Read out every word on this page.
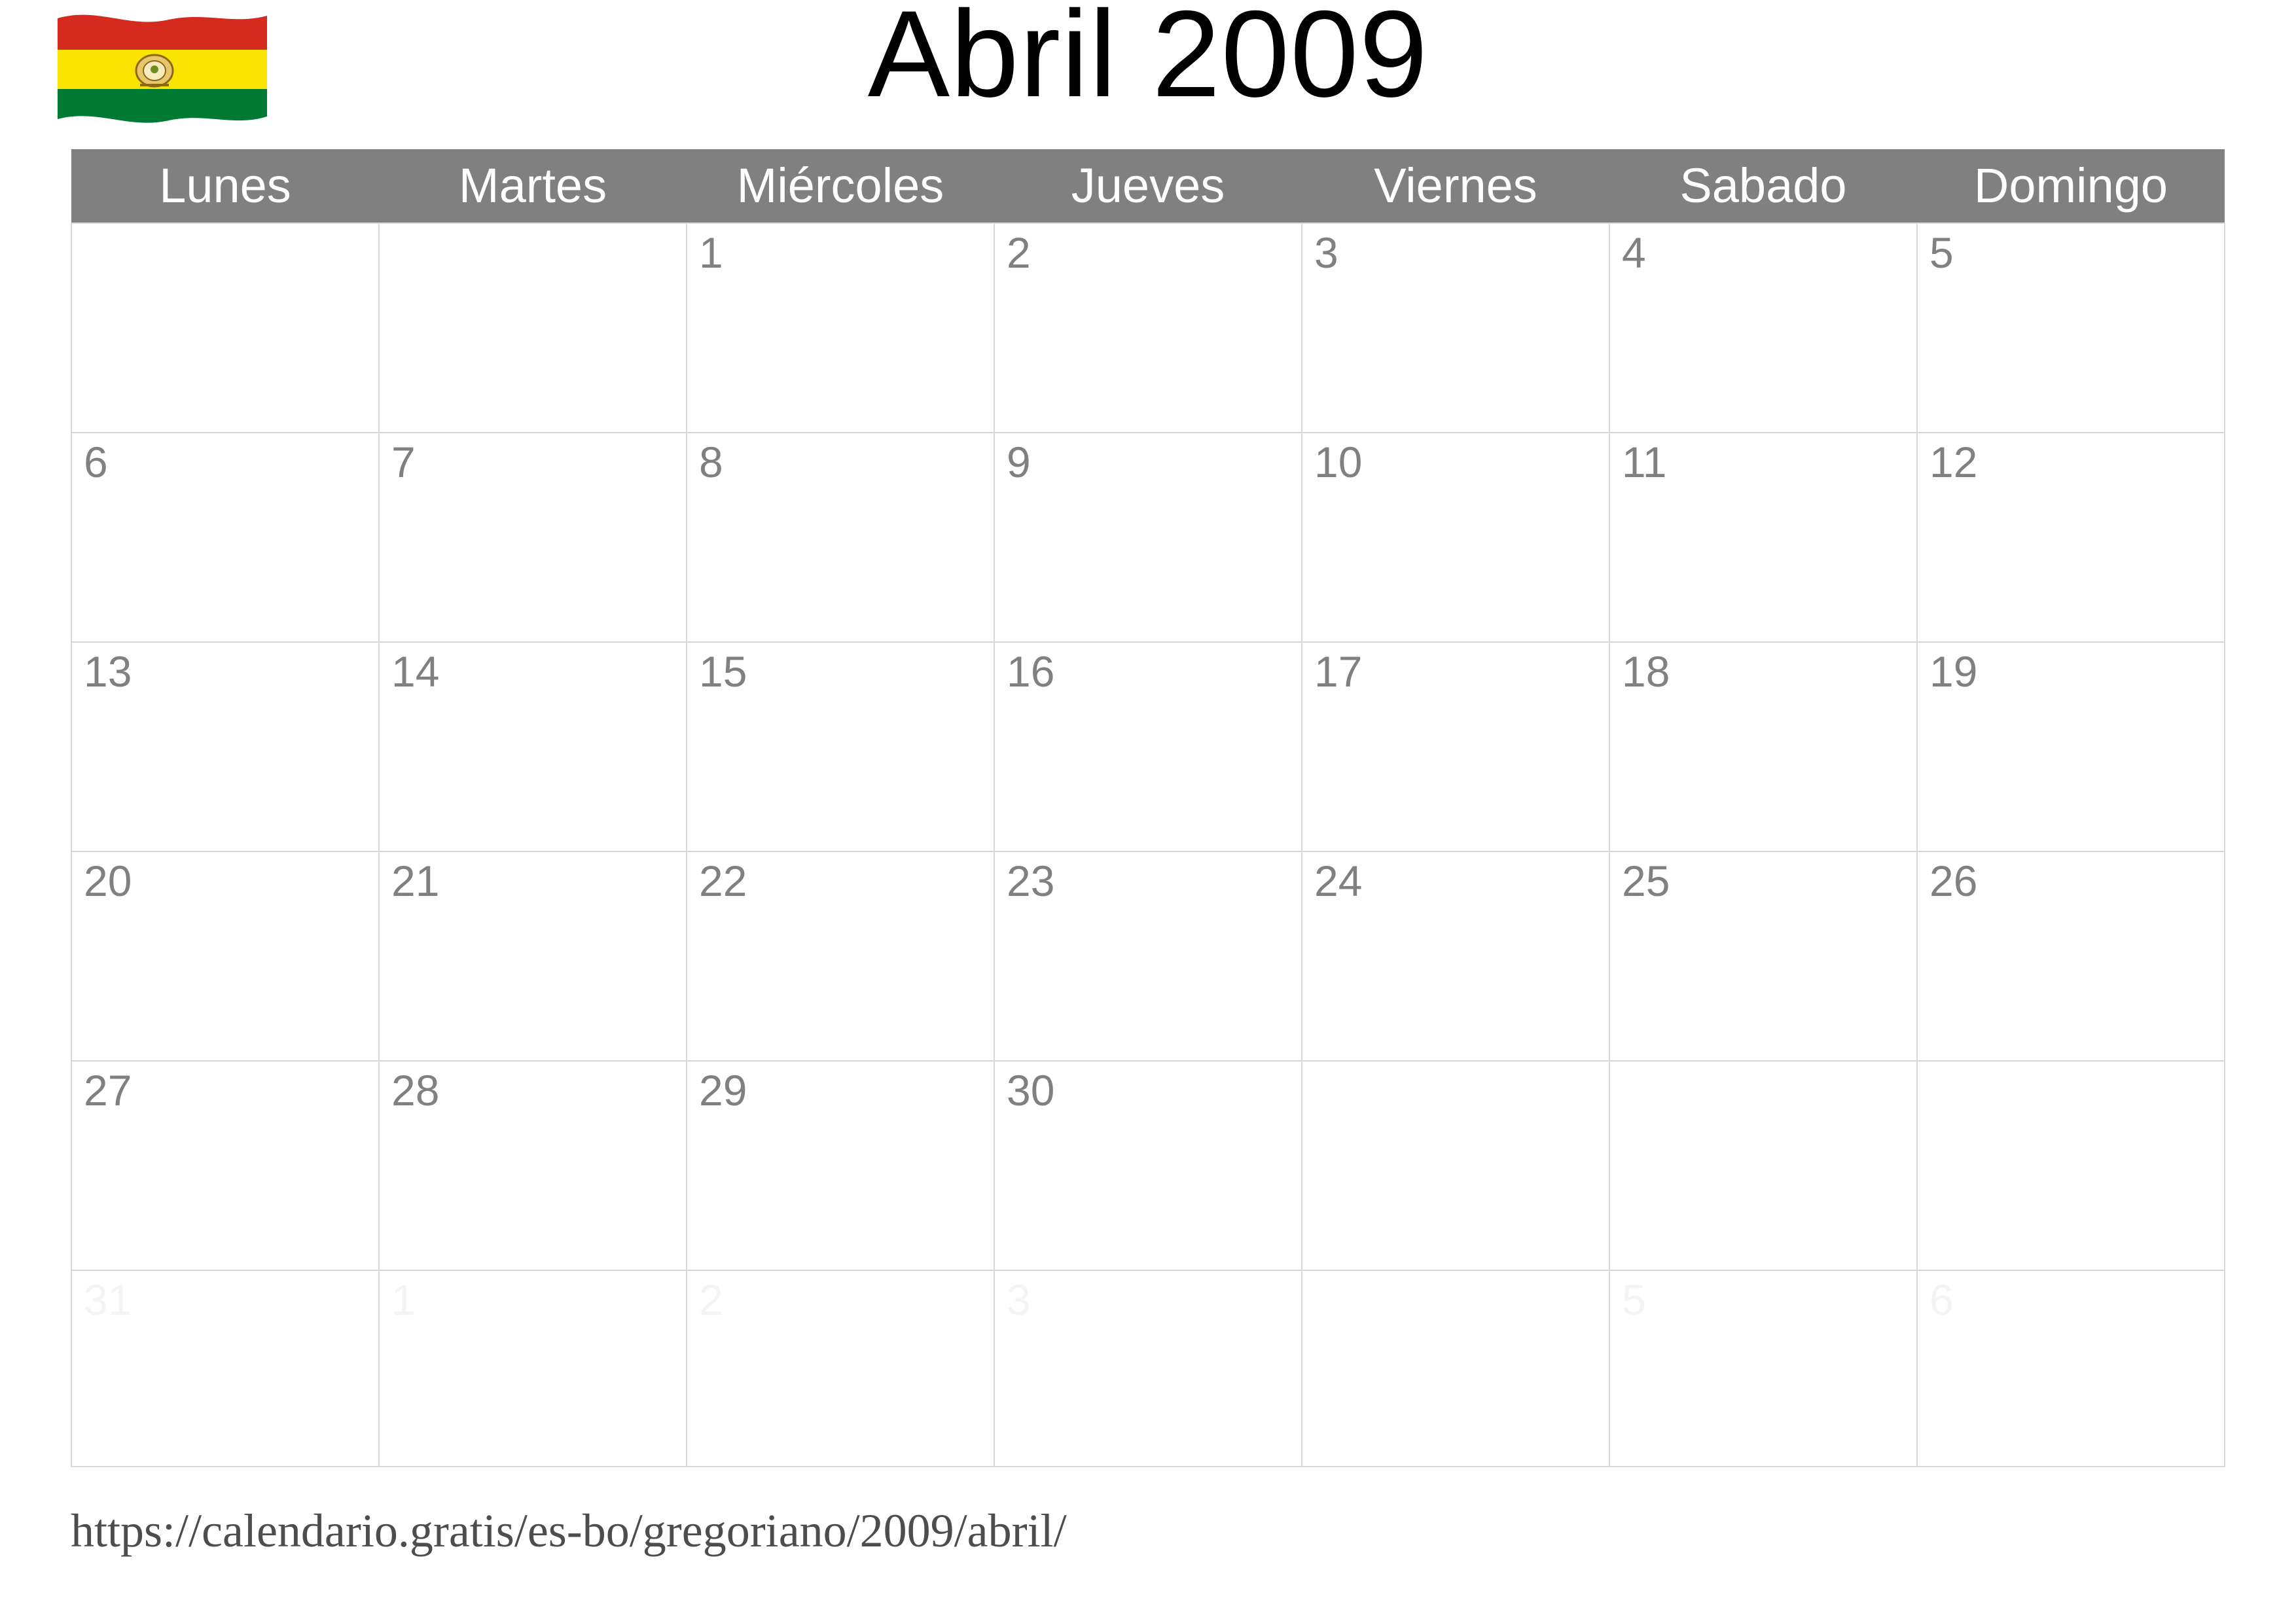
Abril 2009
Lunes	Martes	Miércoles	Jueves	Viernes	Sabado	Domingo

		1	2	3	4	5

6	7	8	9	10	11	12

13	14	15	16	17	18	19

20	21	22	23	24	25	26

27	28	29	30			

31	1	2	3		5	6
https://calendario.gratis/es-bo/gregoriano/2009/abril/
